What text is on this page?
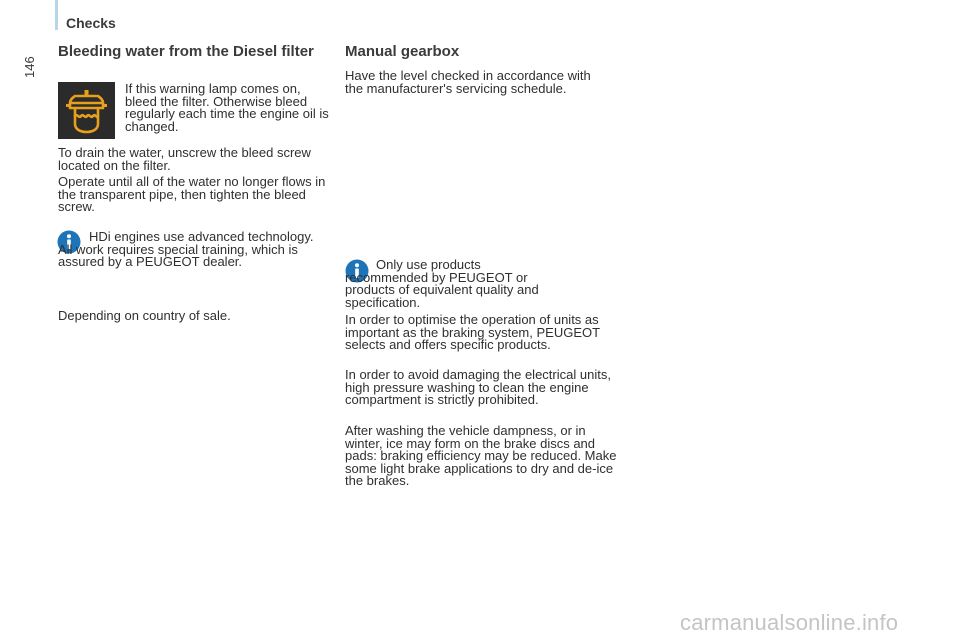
Checks
146
Bleeding water from the Diesel filter

If this warning lamp comes on, bleed the filter. Otherwise bleed regularly each time the engine oil is changed.

To drain the water, unscrew the bleed screw located on the filter.

Operate until all of the water no longer flows in the transparent pipe, then tighten the bleed screw.

HDi engines use advanced technology. All work requires special training, which is assured by a PEUGEOT dealer.

Depending on country of sale.

Manual gearbox

Have the level checked in accordance with the manufacturer's servicing schedule.

Only use products recommended by PEUGEOT or products of equivalent quality and specification.

In order to optimise the operation of units as important as the braking system, PEUGEOT selects and offers specific products.

In order to avoid damaging the electrical units, high pressure washing to clean the engine compartment is strictly prohibited.

After washing the vehicle dampness, or in winter, ice may form on the brake discs and pads: braking efficiency may be reduced. Make some light brake applications to dry and de-ice the brakes.

carmanualsonline.info
